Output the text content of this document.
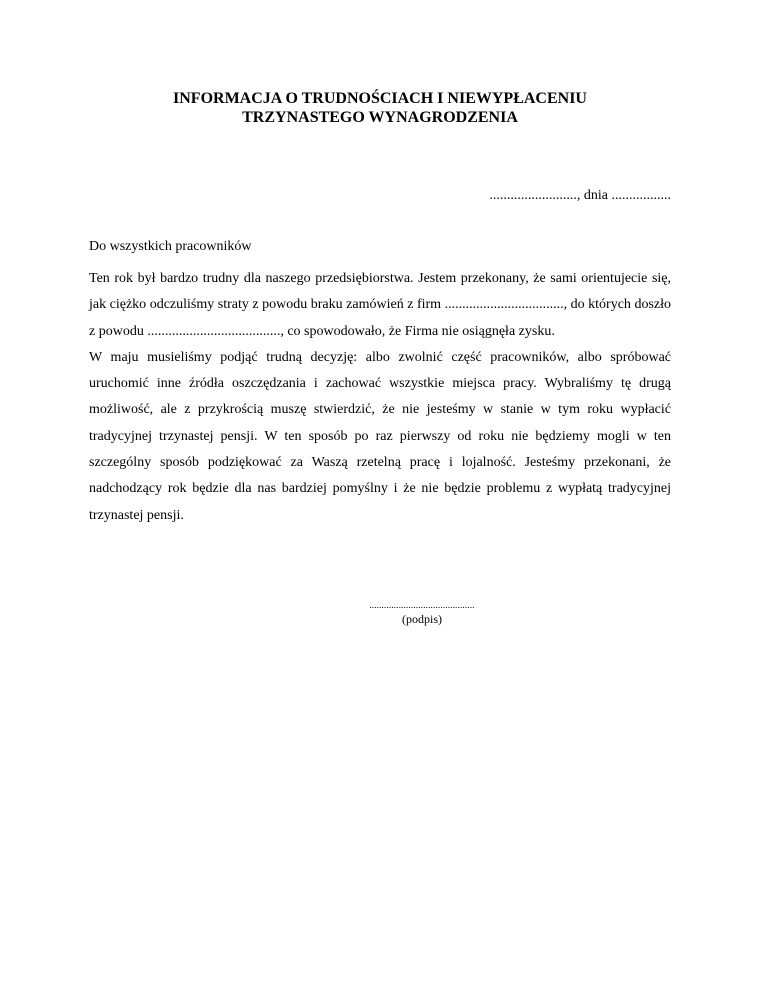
INFORMACJA O TRUDNOŚCIACH I NIEWYPŁACENIU
TRZYNASTEGO WYNAGRODZENIA
........................., dnia .................
Do wszystkich pracowników

Ten rok był bardzo trudny dla naszego przedsiębiorstwa. Jestem przekonany, że sami orientujecie się, jak ciężko odczuliśmy straty z powodu braku zamówień z firm .................................., do których doszło z powodu ......................................, co spowodowało, że Firma nie osiągnęła zysku.

W maju musieliśmy podjąć trudną decyzję: albo zwolnić część pracowników, albo spróbować uruchomić inne źródła oszczędzania i zachować wszystkie miejsca pracy. Wybraliśmy tę drugą możliwość, ale z przykrością muszę stwierdzić, że nie jesteśmy w stanie w tym roku wypłacić tradycyjnej trzynastej pensji. W ten sposób po raz pierwszy od roku nie będziemy mogli w ten szczególny sposób podziękować za Waszą rzetelną pracę i lojalność. Jesteśmy przekonani, że nadchodzący rok będzie dla nas bardziej pomyślny i że nie będzie problemu z wypłatą tradycyjnej trzynastej pensji.

...........................................
(podpis)
